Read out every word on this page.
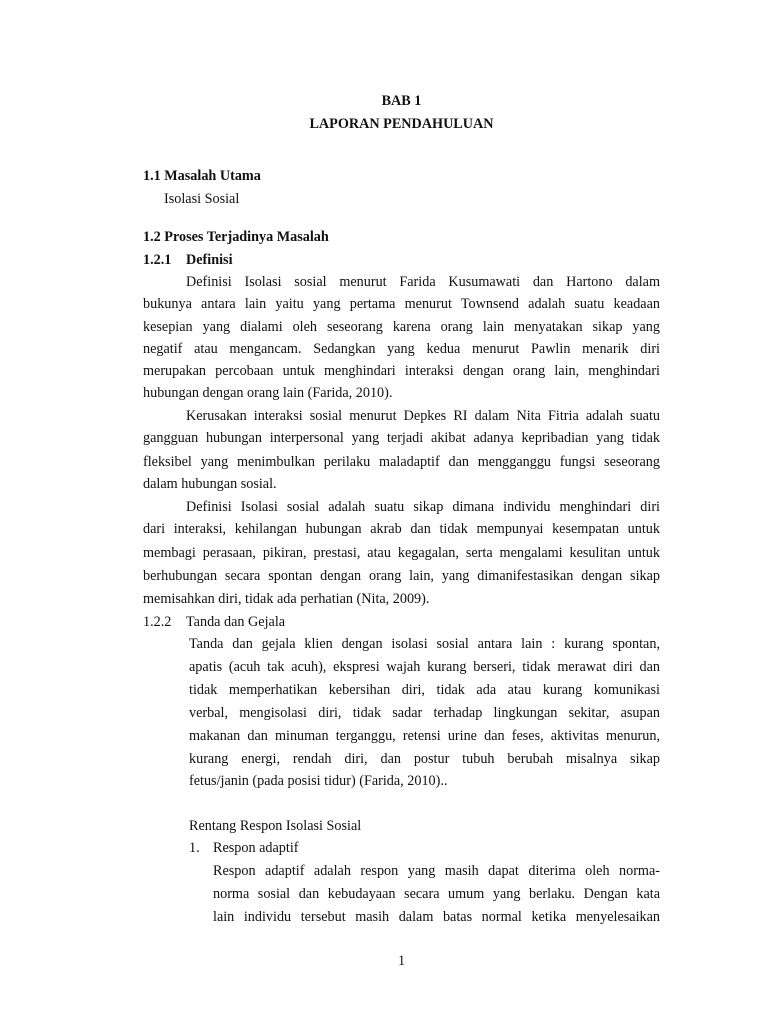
BAB 1
LAPORAN PENDAHULUAN
1.1 Masalah Utama
Isolasi Sosial
1.2 Proses Terjadinya Masalah
1.2.1 Definisi
Definisi Isolasi sosial menurut Farida Kusumawati dan Hartono dalam
bukunya antara lain yaitu yang pertama menurut Townsend adalah suatu keadaan
kesepian yang dialami oleh seseorang karena orang lain menyatakan sikap yang
negatif atau mengancam. Sedangkan yang kedua menurut Pawlin menarik diri
merupakan percobaan untuk menghindari interaksi dengan orang lain, menghindari
hubungan dengan orang lain (Farida, 2010).
Kerusakan interaksi sosial menurut Depkes RI dalam Nita Fitria adalah suatu
gangguan hubungan interpersonal yang terjadi akibat adanya kepribadian yang tidak
fleksibel yang menimbulkan perilaku maladaptif dan mengganggu fungsi seseorang
dalam hubungan sosial.
Definisi Isolasi sosial adalah suatu sikap dimana individu menghindari diri
dari interaksi, kehilangan hubungan akrab dan tidak mempunyai kesempatan untuk
membagi perasaan, pikiran, prestasi, atau kegagalan, serta mengalami kesulitan untuk
berhubungan secara spontan dengan orang lain, yang dimanifestasikan dengan sikap
memisahkan diri, tidak ada perhatian (Nita, 2009).
1.2.2 Tanda dan Gejala
Tanda dan gejala klien dengan isolasi sosial antara lain : kurang spontan,
apatis (acuh tak acuh), ekspresi wajah kurang berseri, tidak merawat diri dan
tidak memperhatikan kebersihan diri, tidak ada atau kurang komunikasi
verbal, mengisolasi diri, tidak sadar terhadap lingkungan sekitar, asupan
makanan dan minuman terganggu, retensi urine dan feses, aktivitas menurun,
kurang energi, rendah diri, dan postur tubuh berubah misalnya sikap
fetus/janin (pada posisi tidur) (Farida, 2010)..
Rentang Respon Isolasi Sosial
1. Respon adaptif
Respon adaptif adalah respon yang masih dapat diterima oleh norma-
norma sosial dan kebudayaan secara umum yang berlaku. Dengan kata
lain individu tersebut masih dalam batas normal ketika menyelesaikan
1
